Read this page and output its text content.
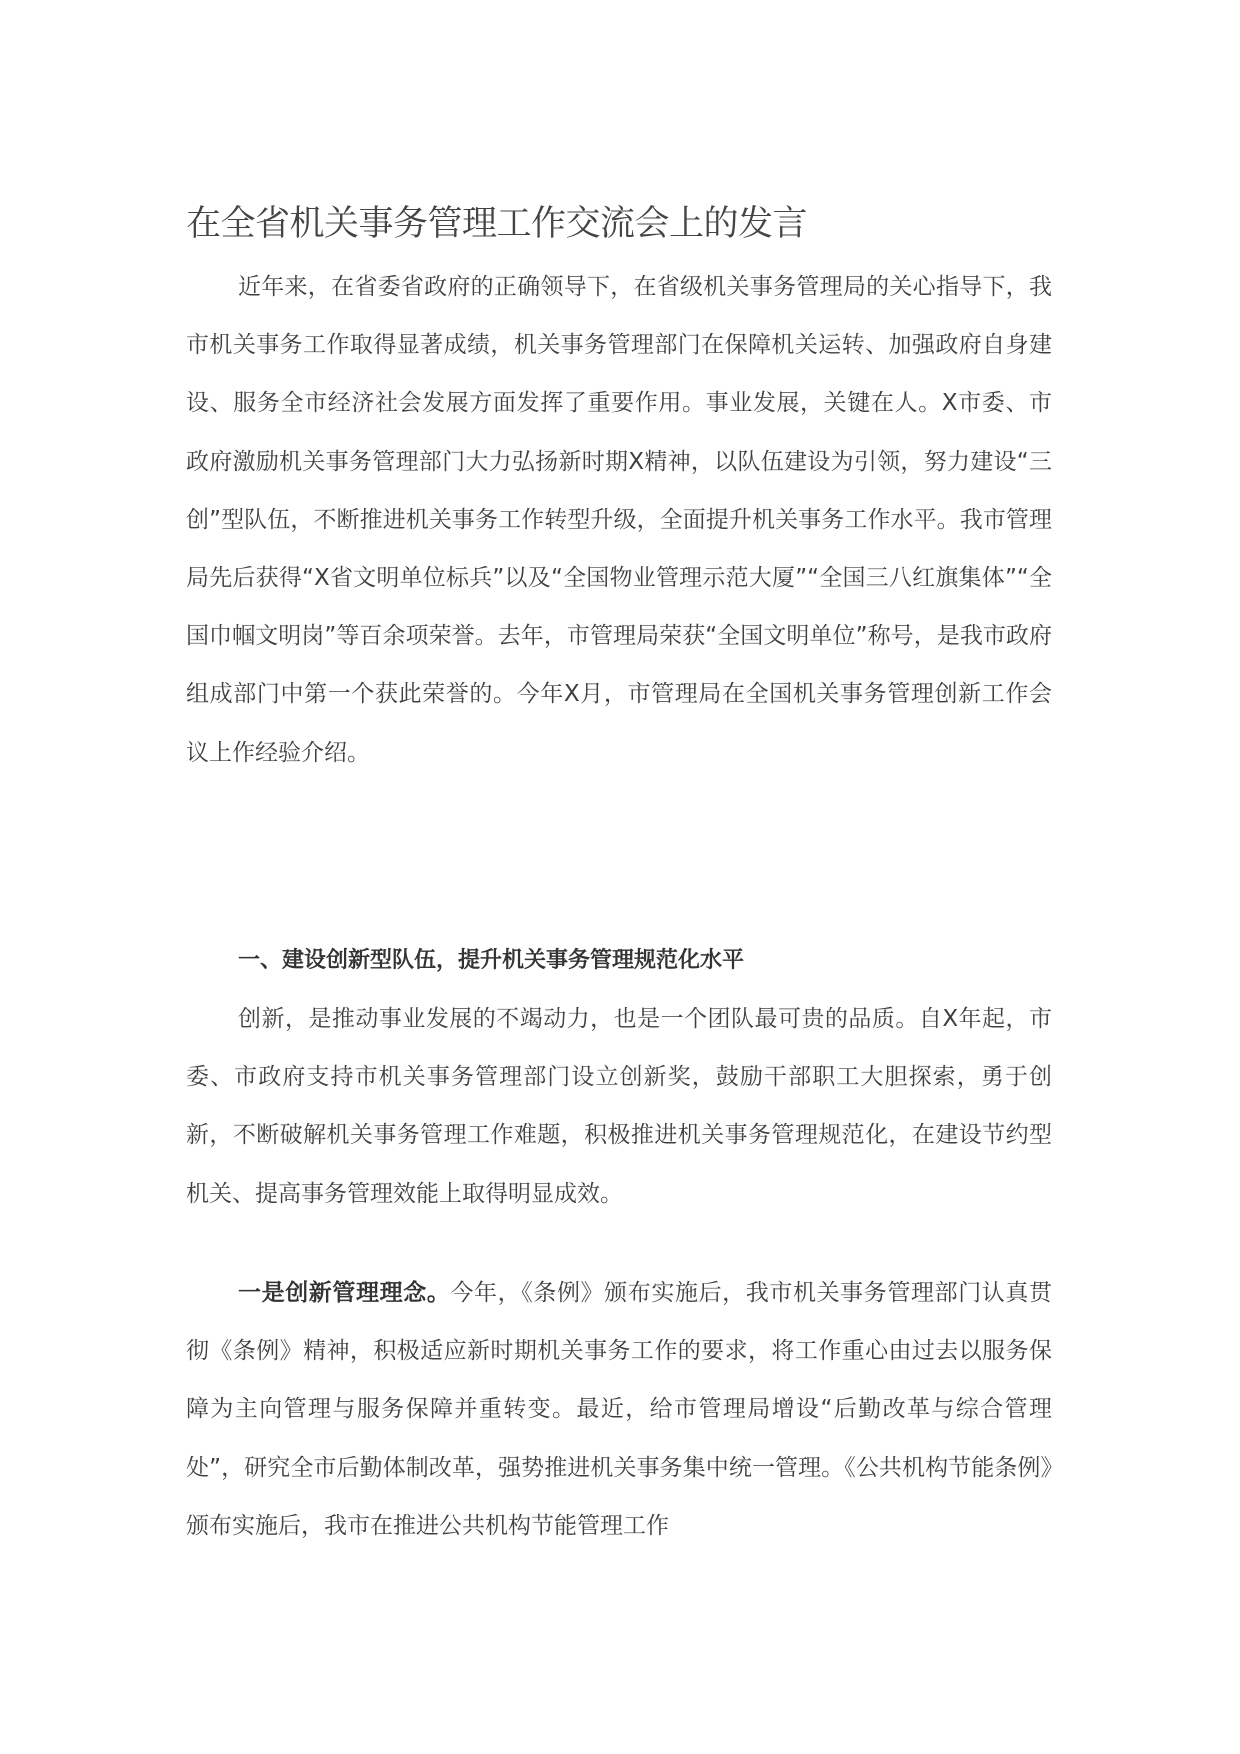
在全省机关事务管理工作交流会上的发言

近年来，在省委省政府的正确领导下，在省级机关事务管理局的关心指导下，我市机关事务工作取得显著成绩，机关事务管理部门在保障机关运转、加强政府自身建设、服务全市经济社会发展方面发挥了重要作用。事业发展，关键在人。X市委、市政府激励机关事务管理部门大力弘扬新时期X精神，以队伍建设为引领，努力建设“三创”型队伍，不断推进机关事务工作转型升级，全面提升机关事务工作水平。我市管理局先后获得“X省文明单位标兵”以及“全国物业管理示范大厦”“全国三八红旗集体”“全国巾帼文明岗”等百余项荣誉。去年，市管理局荣获“全国文明单位”称号，是我市政府组成部门中第一个获此荣誉的。今年X月，市管理局在全国机关事务管理创新工作会议上作经验介绍。

一、建设创新型队伍，提升机关事务管理规范化水平

创新，是推动事业发展的不竭动力，也是一个团队最可贵的品质。自X年起，市委、市政府支持市机关事务管理部门设立创新奖，鼓励干部职工大胆探索，勇于创新，不断破解机关事务管理工作难题，积极推进机关事务管理规范化，在建设节约型机关、提高事务管理效能上取得明显成效。

一是创新管理理念。今年，《条例》颁布实施后，我市机关事务管理部门认真贯彻《条例》精神，积极适应新时期机关事务工作的要求，将工作重心由过去以服务保障为主向管理与服务保障并重转变。最近，给市管理局增设“后勤改革与综合管理处”，研究全市后勤体制改革，强势推进机关事务集中统一管理。《公共机构节能条例》颁布实施后，我市在推进公共机构节能管理工作
